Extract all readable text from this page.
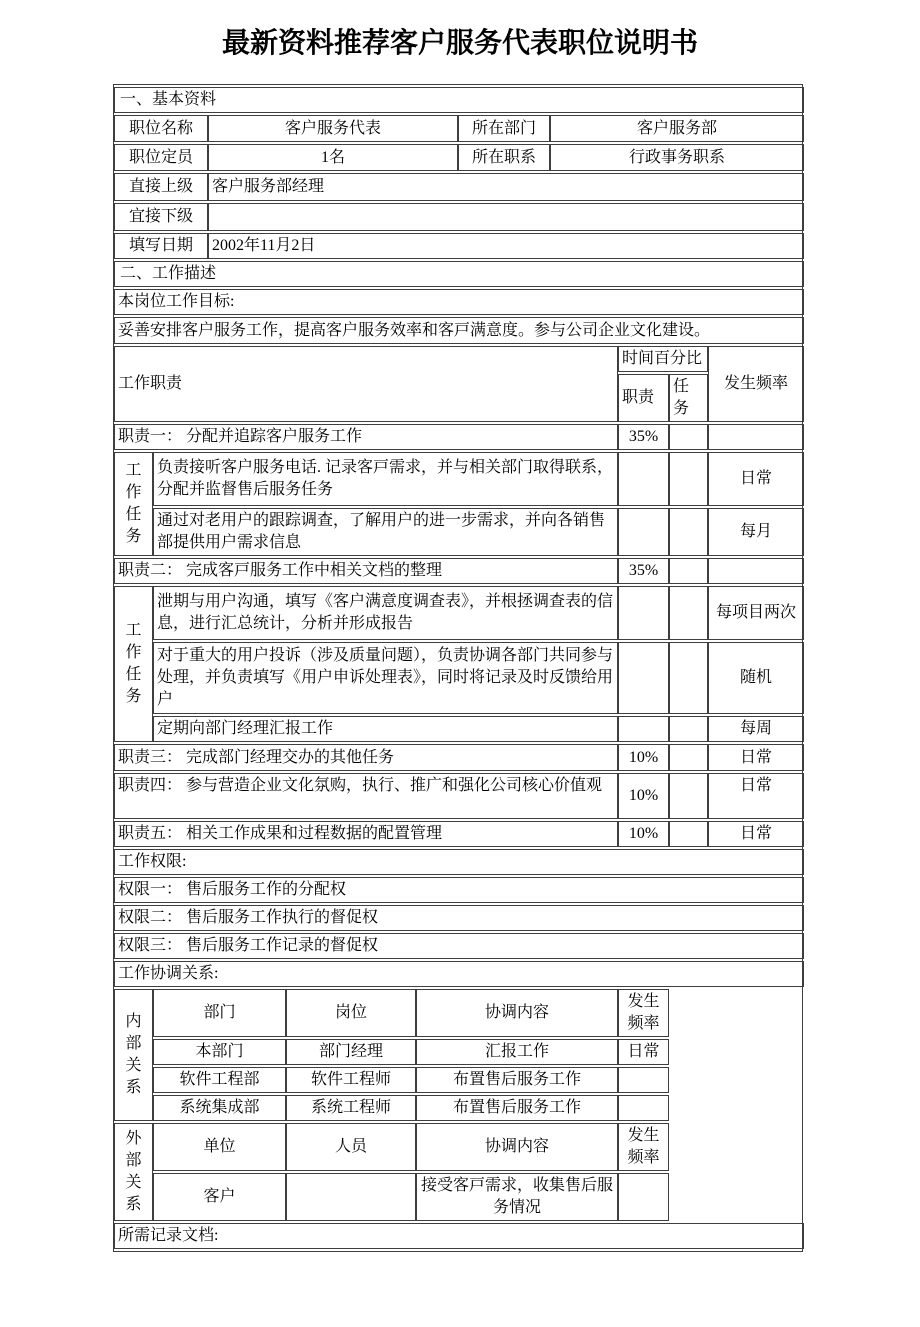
最新资料推荐客户服务代表职位说明书
一、基本资料									
职位名称		客户服务代表			所在部门	客户服务部			
职位定员		1名			所在职系	行政事务职系			
直接上级		客户服务部经理							
宜接下级									
填写日期		2002年11月2日							
二、工作描述									
本岗位工作目标:									
妥善安排客户服务工作，提高客户服务效率和客戸满意度。参与公司企业文化建设。									
工作职责							时间百分比		发生频率
							职责	任务	
职责一： 分配并追踪客户服务工作							35%		
工作任务	负责接听客户服务电话. 记录客戸需求，并与相关部门取得联系，分配并监督售后服务任务								日常
	通过对老用户的跟踪调查，了解用户的进一步需求，并向各销售部提供用户需求信息								每月
职责二： 完成客戸服务工作中相关文档的整理							35%		
工作任务	泄期与用户沟通，填写《客户满意度调查表》，并根拯调查表的信息，进行汇总统计，分析并形成报告								每项目两次
	对于重大的用户投诉（涉及质量问题），负责协调各部门共同参与处理，并负责填写《用户申诉处理表》，同时将记录及时反馈给用户								随机
	定期向部门经理汇报工作								每周
职责三： 完成部门经理交办的其他任务							10%		日常
职责四： 参与营造企业文化氛购，执行、推广和强化公司核心价值观							10%		日常
职责五： 相关工作成果和过程数据的配置管理							10%		日常
工作权限:									
权限一： 售后服务工作的分配权									
权限二： 售后服务工作执行的督促权									
权限三： 售后服务工作记录的督促权									
工作协调关系:									
内部关系	部门		岗位	协调内容			发生频率		
	本部门		部门经理	汇报工作			日常		
	软件工程部		软件工程师	布置售后服务工作					
	系统集成部		系统工程师	布置售后服务工作					
外部关系	单位		人员	协调内容			发生频率		
	客户			接受客戸需求，收集售后服务情况					
所需记录文档:									
